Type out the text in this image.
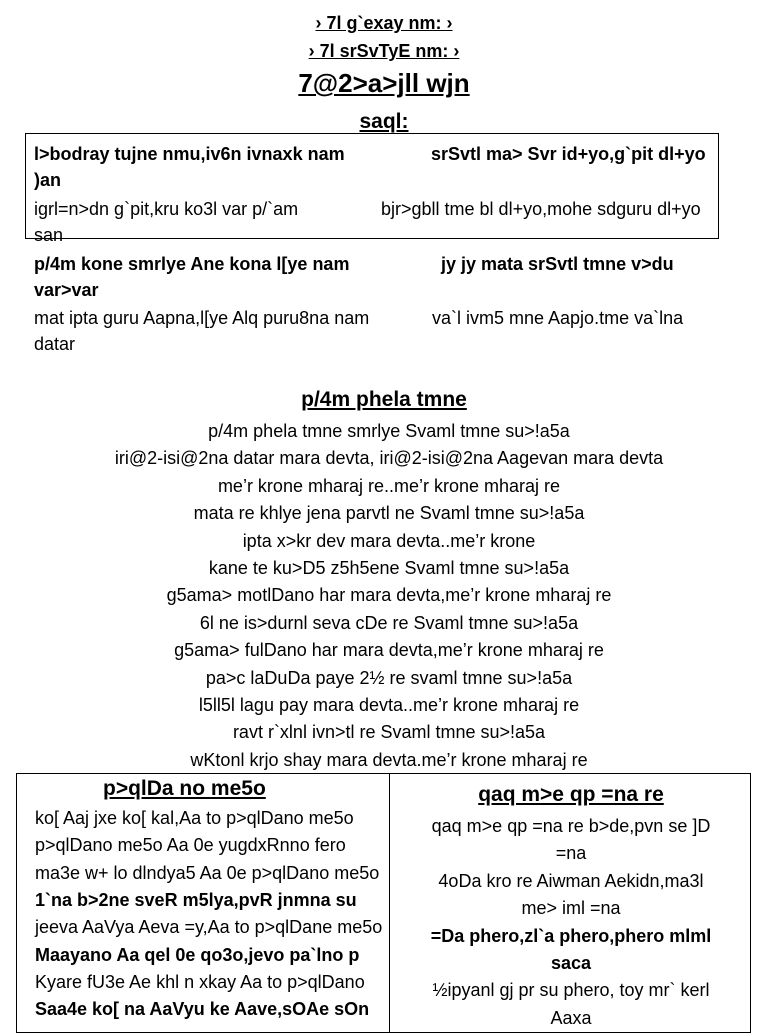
› 7l g`exay nm: ›
› 7l srSvTyE nm: ›
7@2>a>jll wjn
saql:
l>bodray tujne nmu,iv6n ivnaxk nam	srSvtl ma> Svr id+yo,g`pit dl+yo
)an
igrl=n>dn g`pit,kru ko3l var p/`am	bjr>gbll tme bl dl+yo,mohe sdguru dl+yo
san
p/4m kone smrlye Ane kona l[ye nam	jy jy mata srSvtl tmne v>du
var>var
mat ipta guru Aapna,l[ye Alq puru8na nam	va`l ivm5 mne Aapjo.tme va`lna
datar
p/4m phela tmne
p/4m phela tmne smrlye Svaml tmne su>!a5a
iri@2-isi@2na datar mara devta, iri@2-isi@2na Aagevan mara devta
me’r krone mharaj re..me’r krone mharaj re
mata re khlye jena parvtl ne Svaml tmne su>!a5a
ipta x>kr dev mara devta..me’r krone
kane te ku>D5 z5h5ene Svaml tmne su>!a5a
g5ama> motlDano har mara devta,me’r krone mharaj re
6l ne is>durnl seva cDe re Svaml tmne su>!a5a
g5ama> fulDano har mara devta,me’r krone mharaj re
pa>c laDuDa paye 2½ re svaml tmne su>!a5a
l5ll5l lagu pay mara devta..me’r krone mharaj re
ravt r`xlnl ivn>tl re Svaml tmne su>!a5a
wKtonl krjo shay mara devta.me’r krone mharaj re
p>qlDa no me5o
ko[ Aaj jxe ko[ kal,Aa to p>qlDano me5o
p>qlDano me5o Aa 0e yugdxRnno fero
ma3e w+ lo dlndya5 Aa 0e p>qlDano me5o
1`na b>2ne sveR m5lya,pvR jnmna su
jeeva AaVya Aeva =y,Aa to p>qlDane me5o
Maayano Aa qel 0e qo3o,jevo pa`lno p
Kyare fU3e Ae khl n xkay Aa to p>qlDano
Saa4e ko[ na AaVyu ke Aave,sOAe sOn
qaq m>e qp =na re
qaq m>e qp =na re b>de,pvn se ]D
=na
4oDa kro re Aiwman Aekidn,ma3l
me> iml =na
=Da phero,zl`a phero,phero mlml
saca
½ipyanl gj pr su phero, toy mr` kerl
Aaxa
